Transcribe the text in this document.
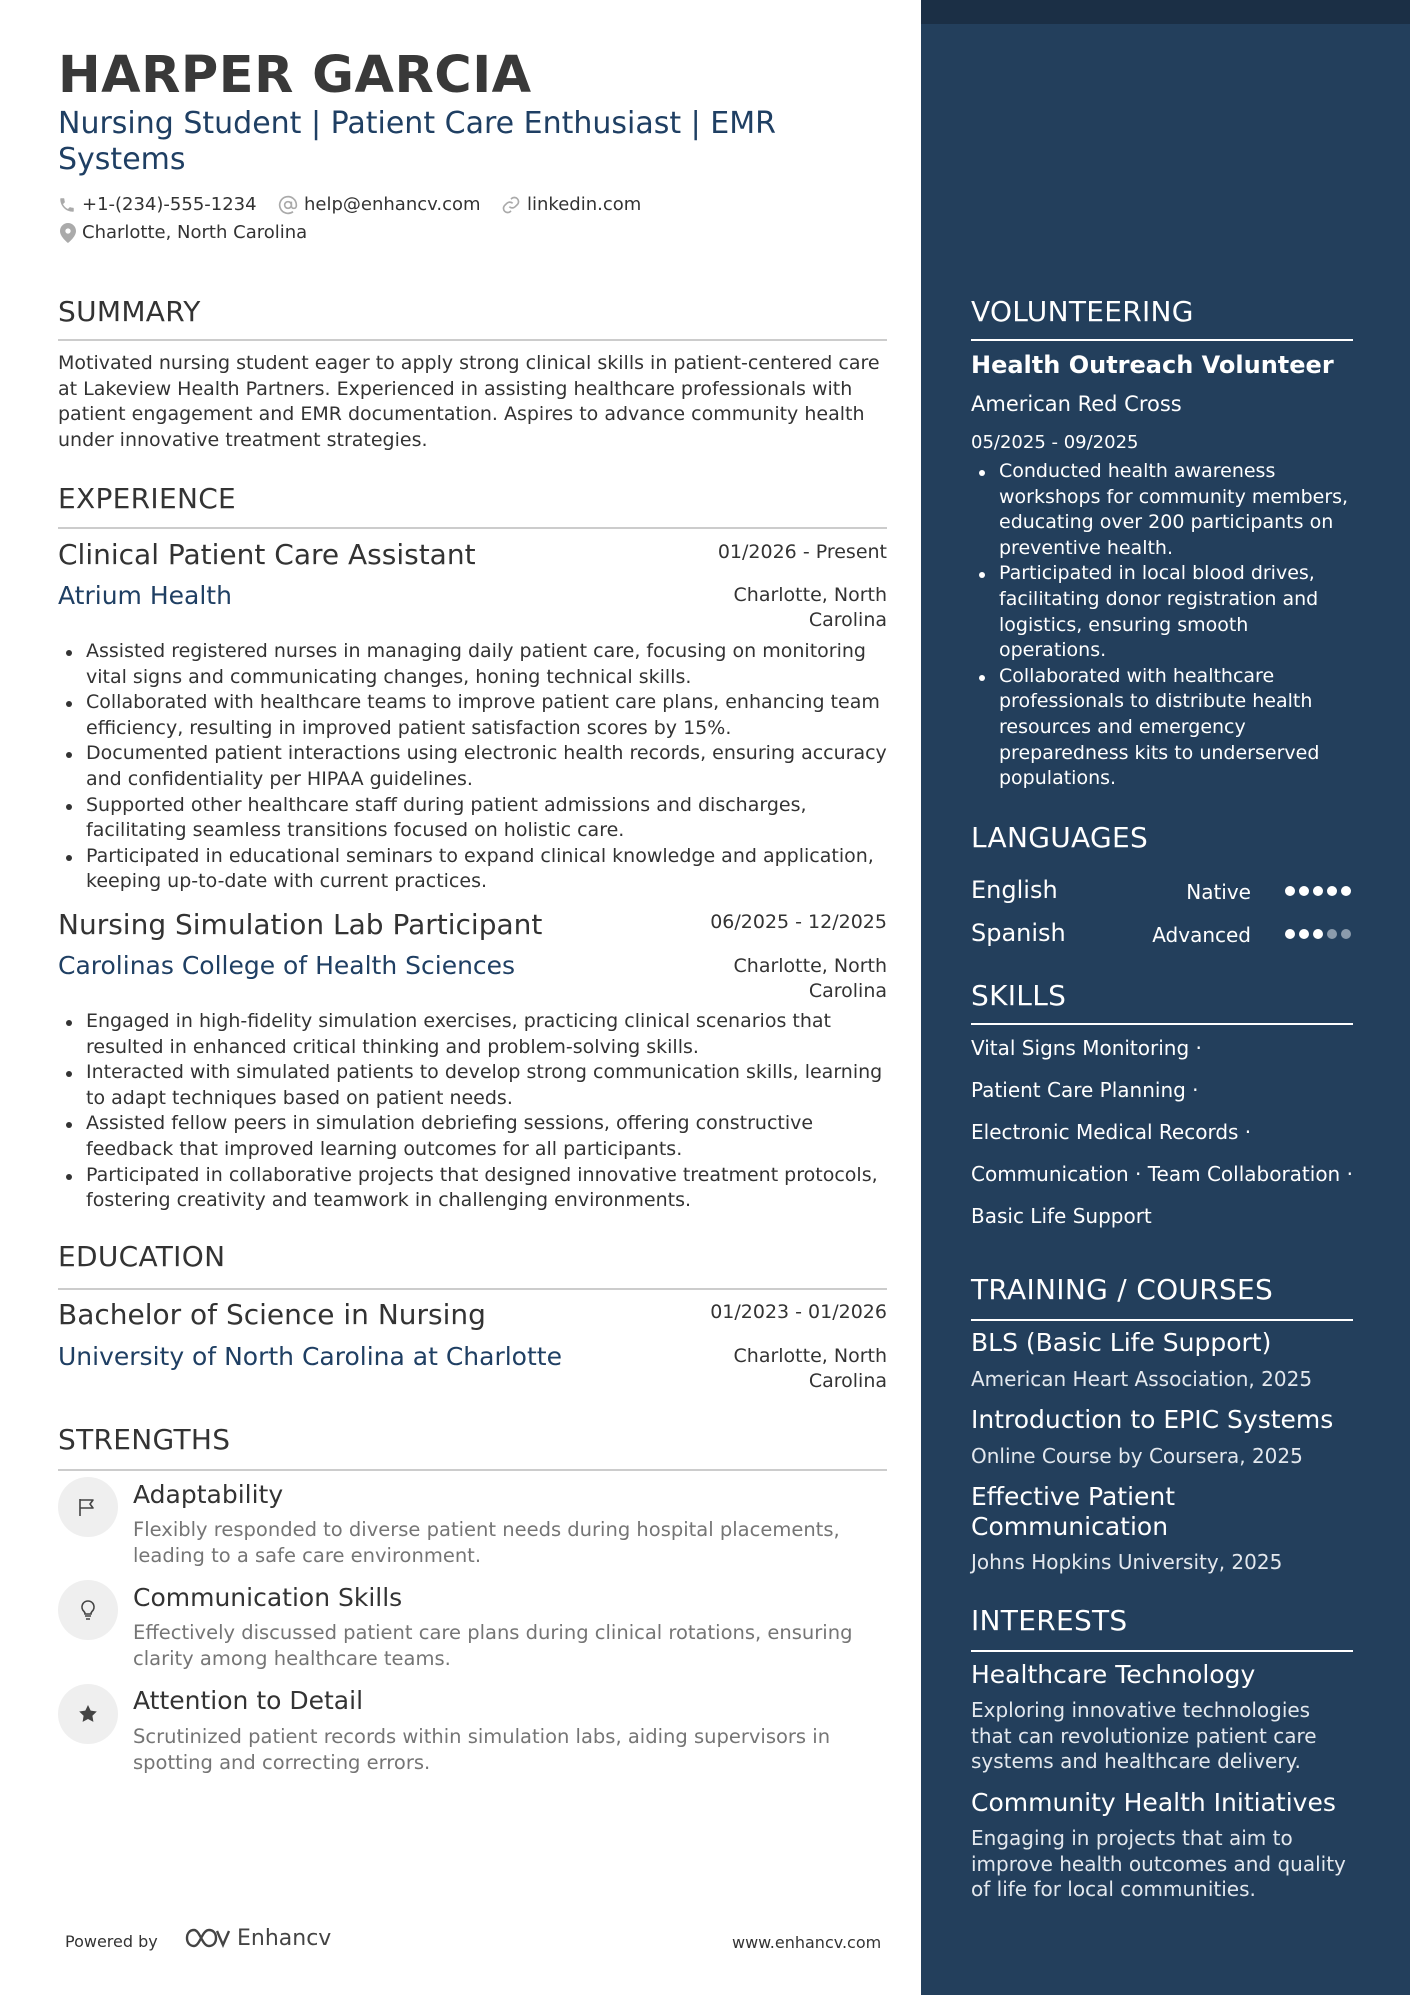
HARPER GARCIA
Nursing Student | Patient Care Enthusiast | EMR Systems
+1-(234)-555-1234	help@enhancv.com	linkedin.com
Charlotte, North Carolina
SUMMARY
Motivated nursing student eager to apply strong clinical skills in patient-centered care at Lakeview Health Partners. Experienced in assisting healthcare professionals with patient engagement and EMR documentation. Aspires to advance community health under innovative treatment strategies.
EXPERIENCE
Clinical Patient Care Assistant	01/2026 - Present
Atrium Health	Charlotte, North Carolina
Assisted registered nurses in managing daily patient care, focusing on monitoring vital signs and communicating changes, honing technical skills.
Collaborated with healthcare teams to improve patient care plans, enhancing team efficiency, resulting in improved patient satisfaction scores by 15%.
Documented patient interactions using electronic health records, ensuring accuracy and confidentiality per HIPAA guidelines.
Supported other healthcare staff during patient admissions and discharges, facilitating seamless transitions focused on holistic care.
Participated in educational seminars to expand clinical knowledge and application, keeping up-to-date with current practices.
Nursing Simulation Lab Participant	06/2025 - 12/2025
Carolinas College of Health Sciences	Charlotte, North Carolina
Engaged in high-fidelity simulation exercises, practicing clinical scenarios that resulted in enhanced critical thinking and problem-solving skills.
Interacted with simulated patients to develop strong communication skills, learning to adapt techniques based on patient needs.
Assisted fellow peers in simulation debriefing sessions, offering constructive feedback that improved learning outcomes for all participants.
Participated in collaborative projects that designed innovative treatment protocols, fostering creativity and teamwork in challenging environments.
EDUCATION
Bachelor of Science in Nursing	01/2023 - 01/2026
University of North Carolina at Charlotte	Charlotte, North Carolina
STRENGTHS
Adaptability
Flexibly responded to diverse patient needs during hospital placements, leading to a safe care environment.
Communication Skills
Effectively discussed patient care plans during clinical rotations, ensuring clarity among healthcare teams.
Attention to Detail
Scrutinized patient records within simulation labs, aiding supervisors in spotting and correcting errors.
Powered by	Enhancv	www.enhancv.com
VOLUNTEERING
Health Outreach Volunteer
American Red Cross
05/2025 - 09/2025
Conducted health awareness workshops for community members, educating over 200 participants on preventive health.
Participated in local blood drives, facilitating donor registration and logistics, ensuring smooth operations.
Collaborated with healthcare professionals to distribute health resources and emergency preparedness kits to underserved populations.
LANGUAGES
English	Native
Spanish	Advanced
SKILLS
Vital Signs Monitoring ·
Patient Care Planning ·
Electronic Medical Records ·
Communication · Team Collaboration ·
Basic Life Support
TRAINING / COURSES
BLS (Basic Life Support)
American Heart Association, 2025
Introduction to EPIC Systems
Online Course by Coursera, 2025
Effective Patient Communication
Johns Hopkins University, 2025
INTERESTS
Healthcare Technology
Exploring innovative technologies that can revolutionize patient care systems and healthcare delivery.
Community Health Initiatives
Engaging in projects that aim to improve health outcomes and quality of life for local communities.
